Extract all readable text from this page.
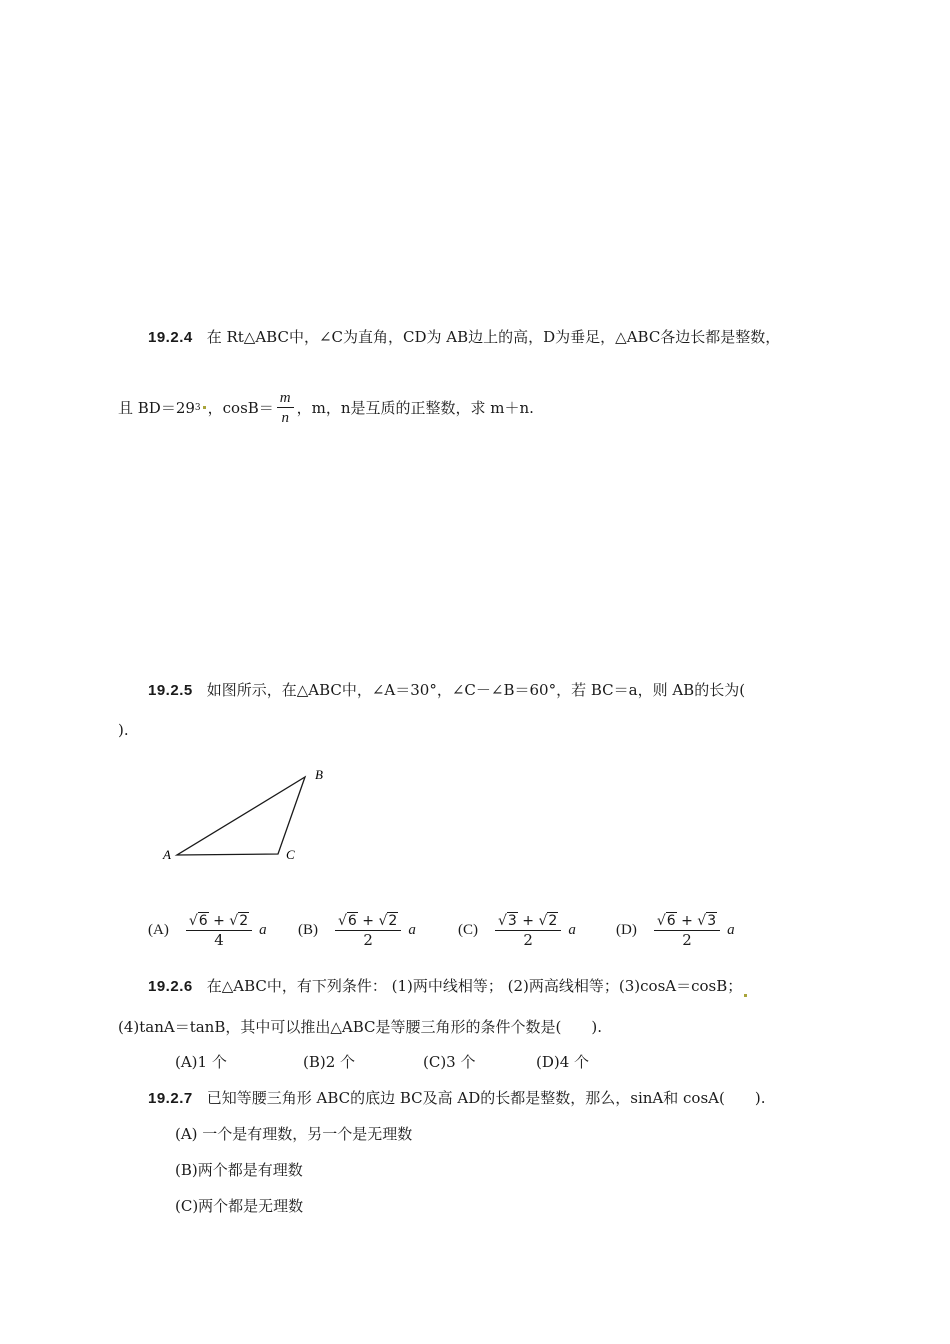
19.2.4 在 Rt△ABC中，∠C为直角，CD为 AB边上的高，D为垂足，△ABC各边长都是整数，
且 BD＝29 3 ，$\cos B= \frac{m}{n}$ ，m，n是互质的正整数，求 m＋n.
19.2.5 如图所示，在△ABC中，∠A＝30°，∠C－∠B＝60°，若 BC＝a，则 AB的长为(
).
A
B
C
$(A) \frac{√6 + √2}{4}$ a $(B) \frac{√6 + √2}{2}$ a	$(C) \frac{√3 + √2}{2}$ a	$(D) \frac{√6 + √3}{2}$ a
19.2.6 在△ABC中，有下列条件： (1)两中线相等； (2)两高线相等；(3)cosA＝cosB；
(4)tanA＝tanB，其中可以推出△ABC是等腰三角形的条件个数是(　　).
(A)1 个	(B)2 个	(C)3 个	(D)4 个
19.2.7 已知等腰三角形 ABC的底边 BC及高 AD的长都是整数，那么，sinA和 cosA(　　).
(A) 一个是有理数，另一个是无理数
(B)两个都是有理数
(C)两个都是无理数
